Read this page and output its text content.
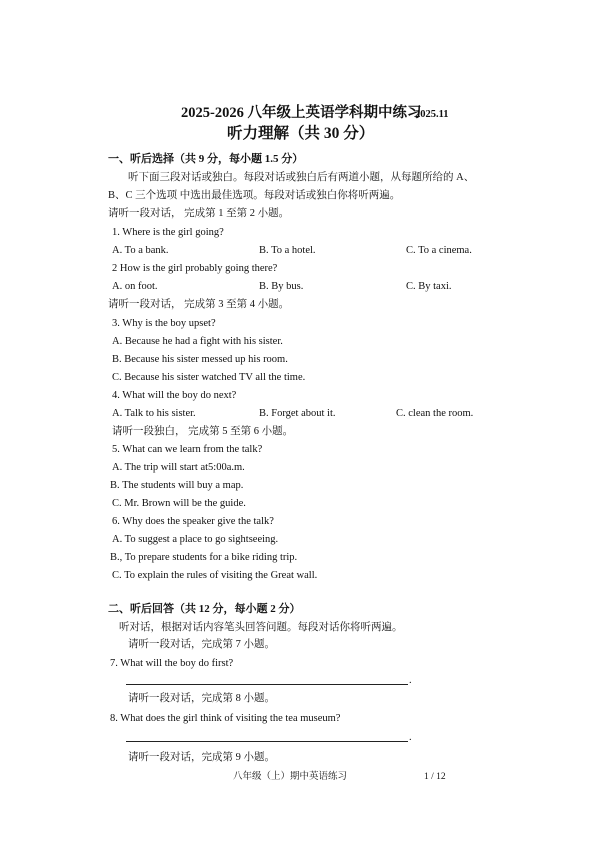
2025-2026 八年级上英语学科期中练习
2025.11
听力理解（共 30 分）
一、听后选择（共 9 分，每小题 1.5 分）
听下面三段对话或独白。每段对话或独白后有两道小题，从每题所给的 A、
B、C 三个选项 中选出最佳选项。每段对话或独白你将听两遍。
请听一段对话， 完成第 1 至第 2 小题。
1. Where is the girl going?
A. To a bank.	B. To a hotel.	C. To a cinema.
2 How is the girl probably going there?
A. on foot.	B. By bus.	C. By taxi.
请听一段对话， 完成第 3 至第 4 小题。
3. Why is the boy upset?
A. Because he had a fight with his sister.
B. Because his sister messed up his room.
C. Because his sister watched TV all the time.
4. What will the boy do next?
A. Talk to his sister.	B. Forget about it.	C. clean the room.
请听一段独白， 完成第 5 至第 6 小题。
5. What can we learn from the talk?
A. The trip will start at5:00a.m.
B. The students will buy a map.
C. Mr. Brown will be the guide.
6. Why does the speaker give the talk?
A. To suggest a place to go sightseeing.
B., To prepare students for a bike riding trip.
C. To explain the rules of visiting the Great wall.
二、听后回答（共 12 分，每小题 2 分）
听对话，根据对话内容笔头回答问题。每段对话你将听两遍。
请听一段对话，完成第 7 小题。
7. What will the boy do first?
.
请听一段对话，完成第 8 小题。
8. What does the girl think of visiting the tea museum?
.
请听一段对话，完成第 9 小题。
八年级（上）期中英语练习	1 / 12
